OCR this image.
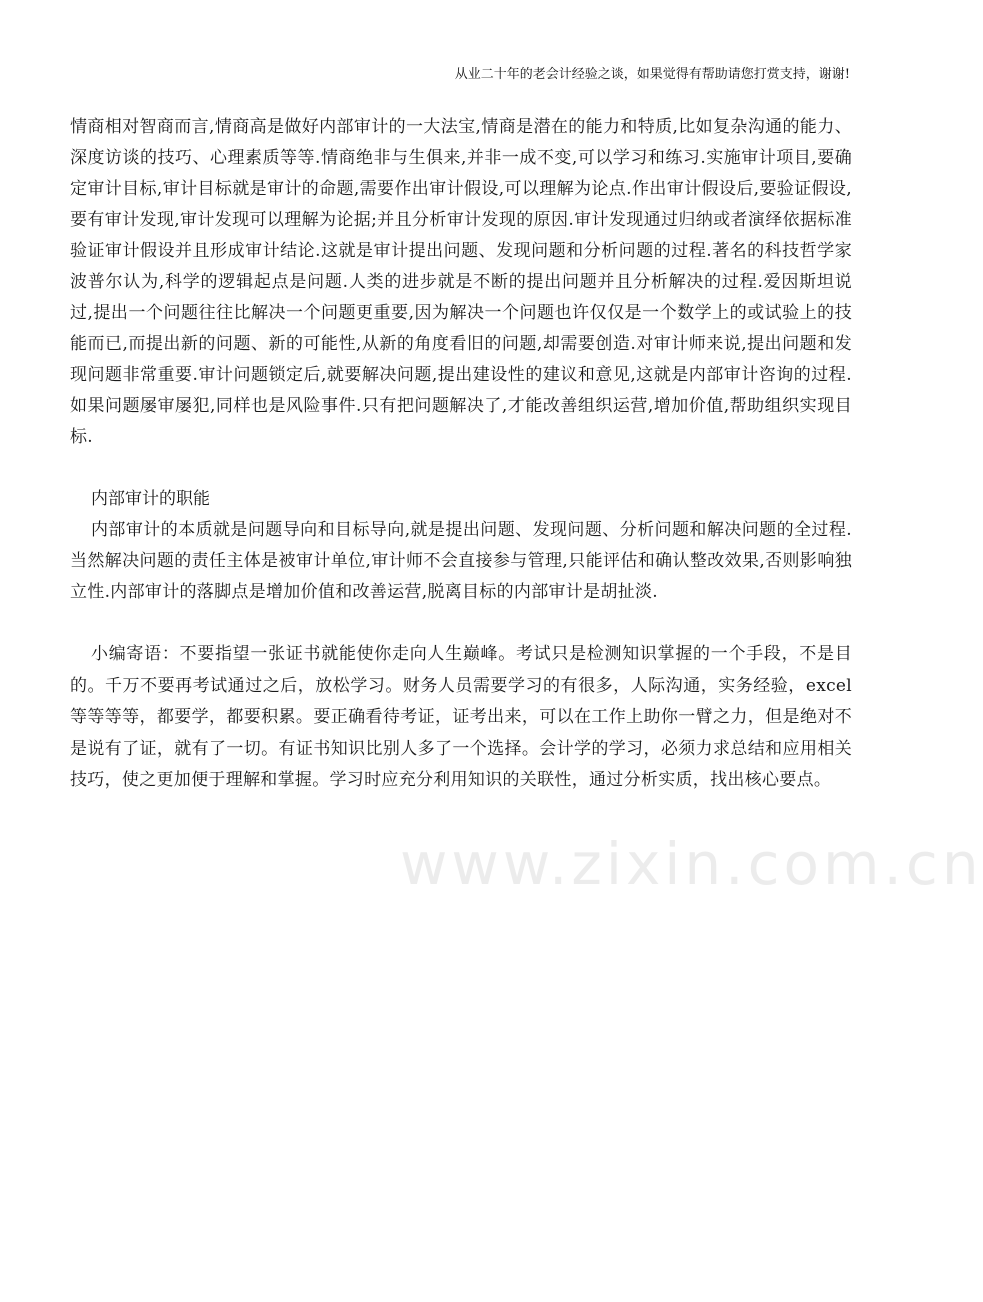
从业二十年的老会计经验之谈，如果觉得有帮助请您打赏支持，谢谢!

情商相对智商而言,情商高是做好内部审计的一大法宝,情商是潜在的能力和特质,比如复杂沟通的能力、深度访谈的技巧、心理素质等等.情商绝非与生俱来,并非一成不变,可以学习和练习.实施审计项目,要确定审计目标,审计目标就是审计的命题,需要作出审计假设,可以理解为论点.作出审计假设后,要验证假设,要有审计发现,审计发现可以理解为论据;并且分析审计发现的原因.审计发现通过归纳或者演绎依据标准验证审计假设并且形成审计结论.这就是审计提出问题、发现问题和分析问题的过程.著名的科技哲学家波普尔认为,科学的逻辑起点是问题.人类的进步就是不断的提出问题并且分析解决的过程.爱因斯坦说过,提出一个问题往往比解决一个问题更重要,因为解决一个问题也许仅仅是一个数学上的或试验上的技能而已,而提出新的问题、新的可能性,从新的角度看旧的问题,却需要创造.对审计师来说,提出问题和发现问题非常重要.审计问题锁定后,就要解决问题,提出建设性的建议和意见,这就是内部审计咨询的过程.如果问题屡审屡犯,同样也是风险事件.只有把问题解决了,才能改善组织运营,增加价值,帮助组织实现目标.

内部审计的职能

内部审计的本质就是问题导向和目标导向,就是提出问题、发现问题、分析问题和解决问题的全过程.当然解决问题的责任主体是被审计单位,审计师不会直接参与管理,只能评估和确认整改效果,否则影响独立性.内部审计的落脚点是增加价值和改善运营,脱离目标的内部审计是胡扯淡.

小编寄语：不要指望一张证书就能使你走向人生巅峰。考试只是检测知识掌握的一个手段，不是目的。千万不要再考试通过之后，放松学习。财务人员需要学习的有很多，人际沟通，实务经验，excel等等等等，都要学，都要积累。要正确看待考证，证考出来，可以在工作上助你一臂之力，但是绝对不是说有了证，就有了一切。有证书知识比别人多了一个选择。会计学的学习，必须力求总结和应用相关技巧，使之更加便于理解和掌握。学习时应充分利用知识的关联性，通过分析实质，找出核心要点。

www.zixin.com.cn
